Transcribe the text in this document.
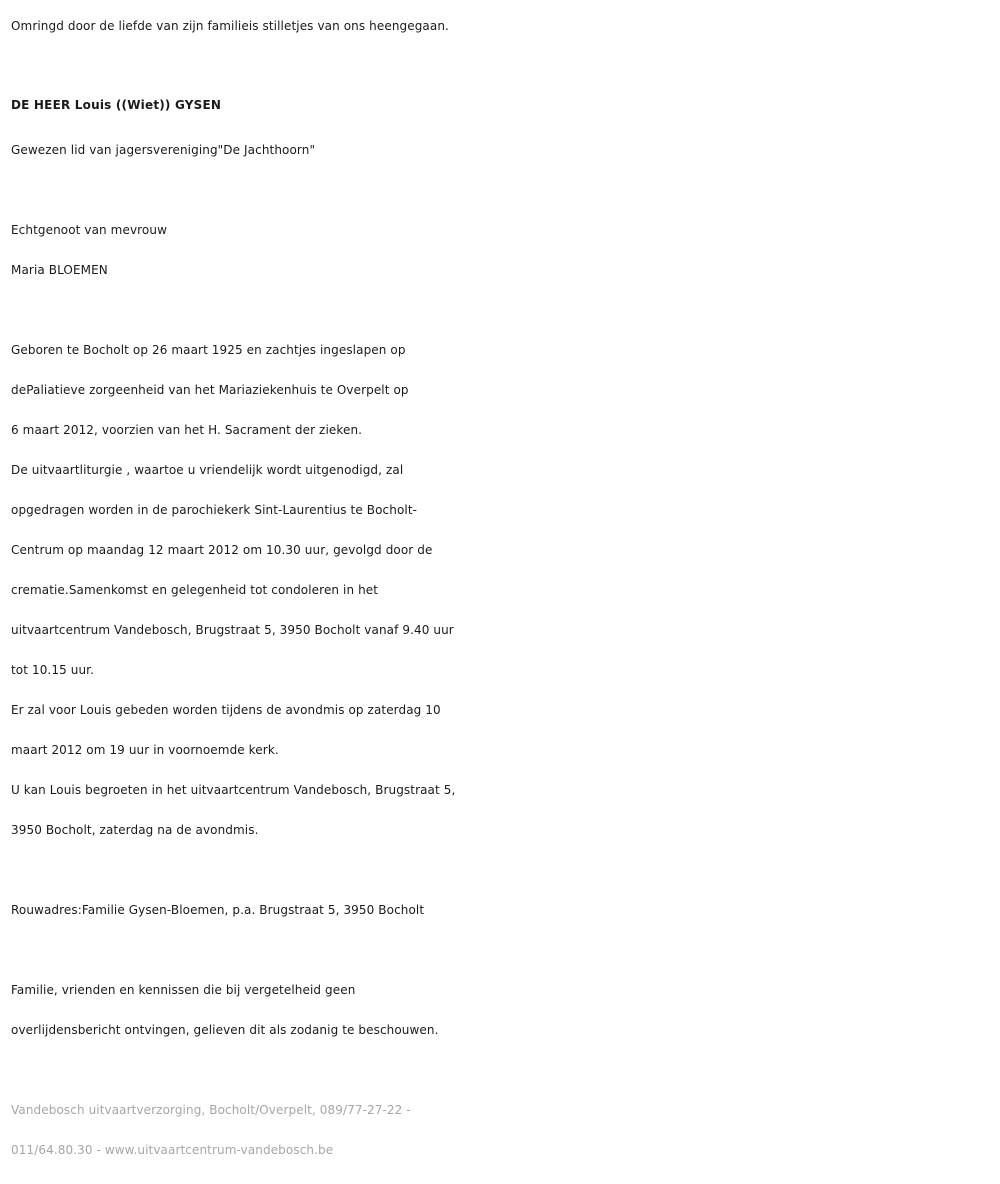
Omringd door de liefde van zijn familieis stilletjes van ons heengegaan.
DE HEER Louis ((Wiet)) GYSEN
Gewezen lid van jagersvereniging"De Jachthoorn"
Echtgenoot van mevrouw
Maria BLOEMEN
Geboren te Bocholt op 26 maart 1925 en zachtjes ingeslapen op
dePaliatieve zorgeenheid van het Mariaziekenhuis te Overpelt op
6 maart 2012, voorzien van het H. Sacrament der zieken.
De uitvaartliturgie , waartoe u vriendelijk wordt uitgenodigd, zal
opgedragen worden in de parochiekerk Sint-Laurentius te Bocholt-
Centrum op maandag 12 maart 2012 om 10.30 uur, gevolgd door de
crematie.Samenkomst en gelegenheid tot condoleren in het
uitvaartcentrum Vandebosch, Brugstraat 5, 3950 Bocholt vanaf 9.40 uur
tot 10.15 uur.
Er zal voor Louis gebeden worden tijdens de avondmis op zaterdag 10
maart 2012 om 19 uur in voornoemde kerk.
U kan Louis begroeten in het uitvaartcentrum Vandebosch, Brugstraat 5,
3950 Bocholt, zaterdag na de avondmis.
Rouwadres:Familie Gysen-Bloemen, p.a. Brugstraat 5, 3950 Bocholt
Familie, vrienden en kennissen die bij vergetelheid geen
overlijdensbericht ontvingen, gelieven dit als zodanig te beschouwen.
Vandebosch uitvaartverzorging, Bocholt/Overpelt, 089/77-27-22 -
011/64.80.30 - www.uitvaartcentrum-vandebosch.be
